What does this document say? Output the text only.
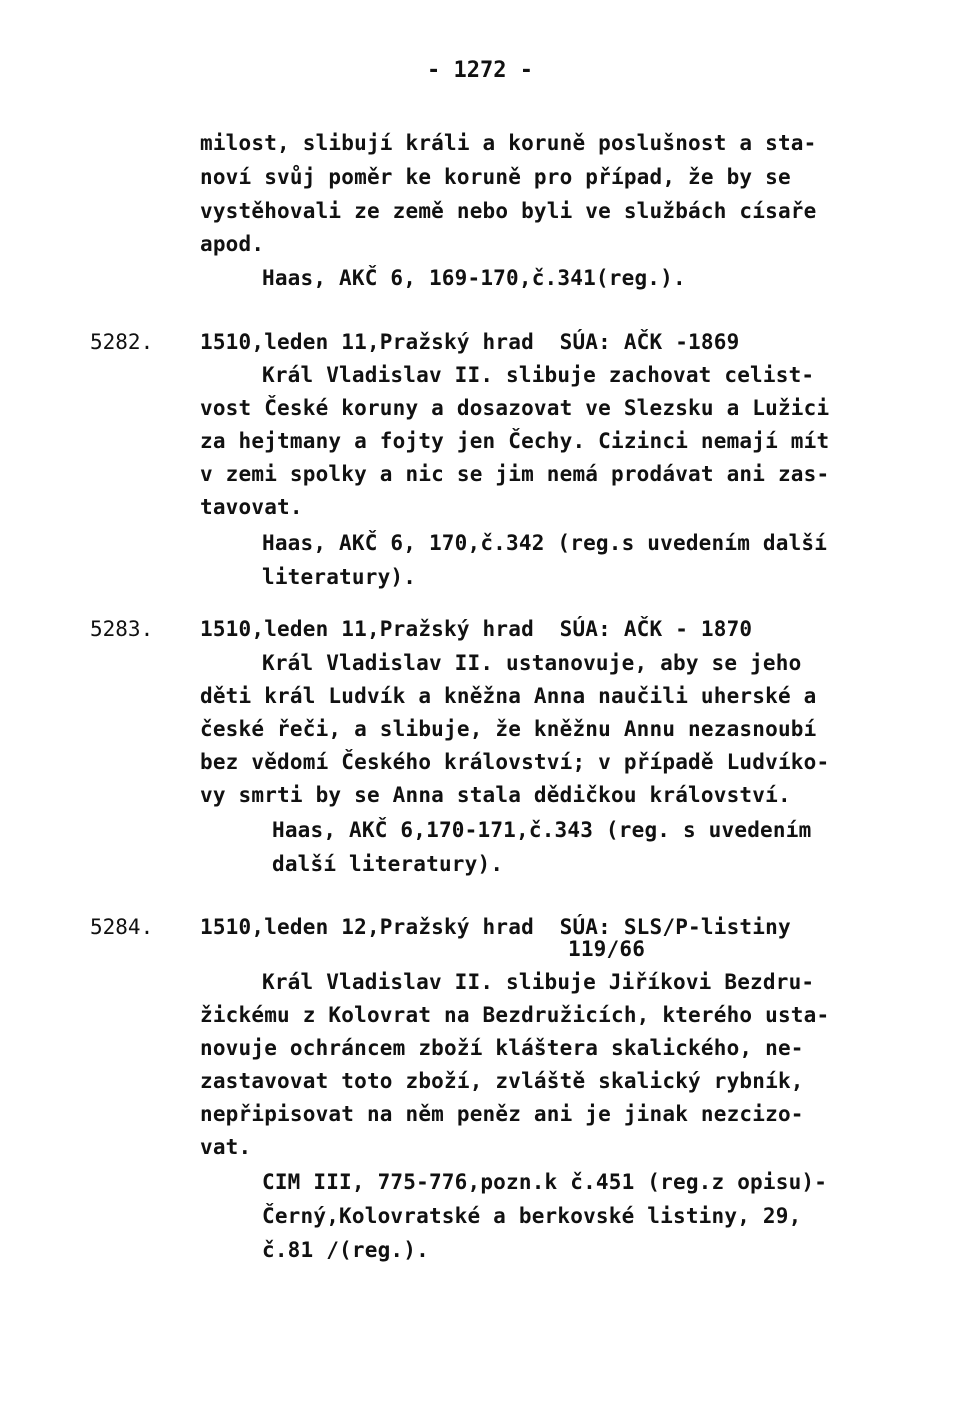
- 1272 -
milost, slibují králi a koruně poslušnost a sta-
noví svůj poměr ke koruně pro případ, že by se
vystěhovali ze země nebo byli ve službách císaře
apod.
Haas, AKČ 6, 169-170,č.341(reg.).
5282. 1510,leden 11,Pražský hrad  SÚA: AČK -1869
Král Vladislav II. slibuje zachovat celist-
vost České koruny a dosazovat ve Slezsku a Lužici
za hejtmany a fojty jen Čechy. Cizinci nemají mít
v zemi spolky a nic se jim nemá prodávat ani zas-
tavovat.
Haas, AKČ 6, 170,č.342 (reg.s uvedením další
literatury).
5283. 1510,leden 11,Pražský hrad  SÚA: AČK - 1870
Král Vladislav II. ustanovuje, aby se jeho
děti král Ludvík a kněžna Anna naučili uherské a
české řeči, a slibuje, že kněžnu Annu nezasnoubí
bez vědomí Českého království; v případě Ludvíko-
vy smrti by se Anna stala dědičkou království.
Haas, AKČ 6,170-171,č.343 (reg. s uvedením
další literatury).
5284. 1510,leden 12,Pražský hrad  SÚA: SLS/P-listiny
119/66
Král Vladislav II. slibuje Jiříkovi Bezdru-
žickému z Kolovrat na Bezdružicích, kterého usta-
novuje ochráncem zboží kláštera skalického, ne-
zastavovat toto zboží, zvláště skalický rybník,
nepřipisovat na něm peněz ani je jinak nezcizo-
vat.
CIM III, 775-776,pozn.k č.451 (reg.z opisu)-
Černý,Kolovratské a berkovské listiny, 29,
č.81 /(reg.).
